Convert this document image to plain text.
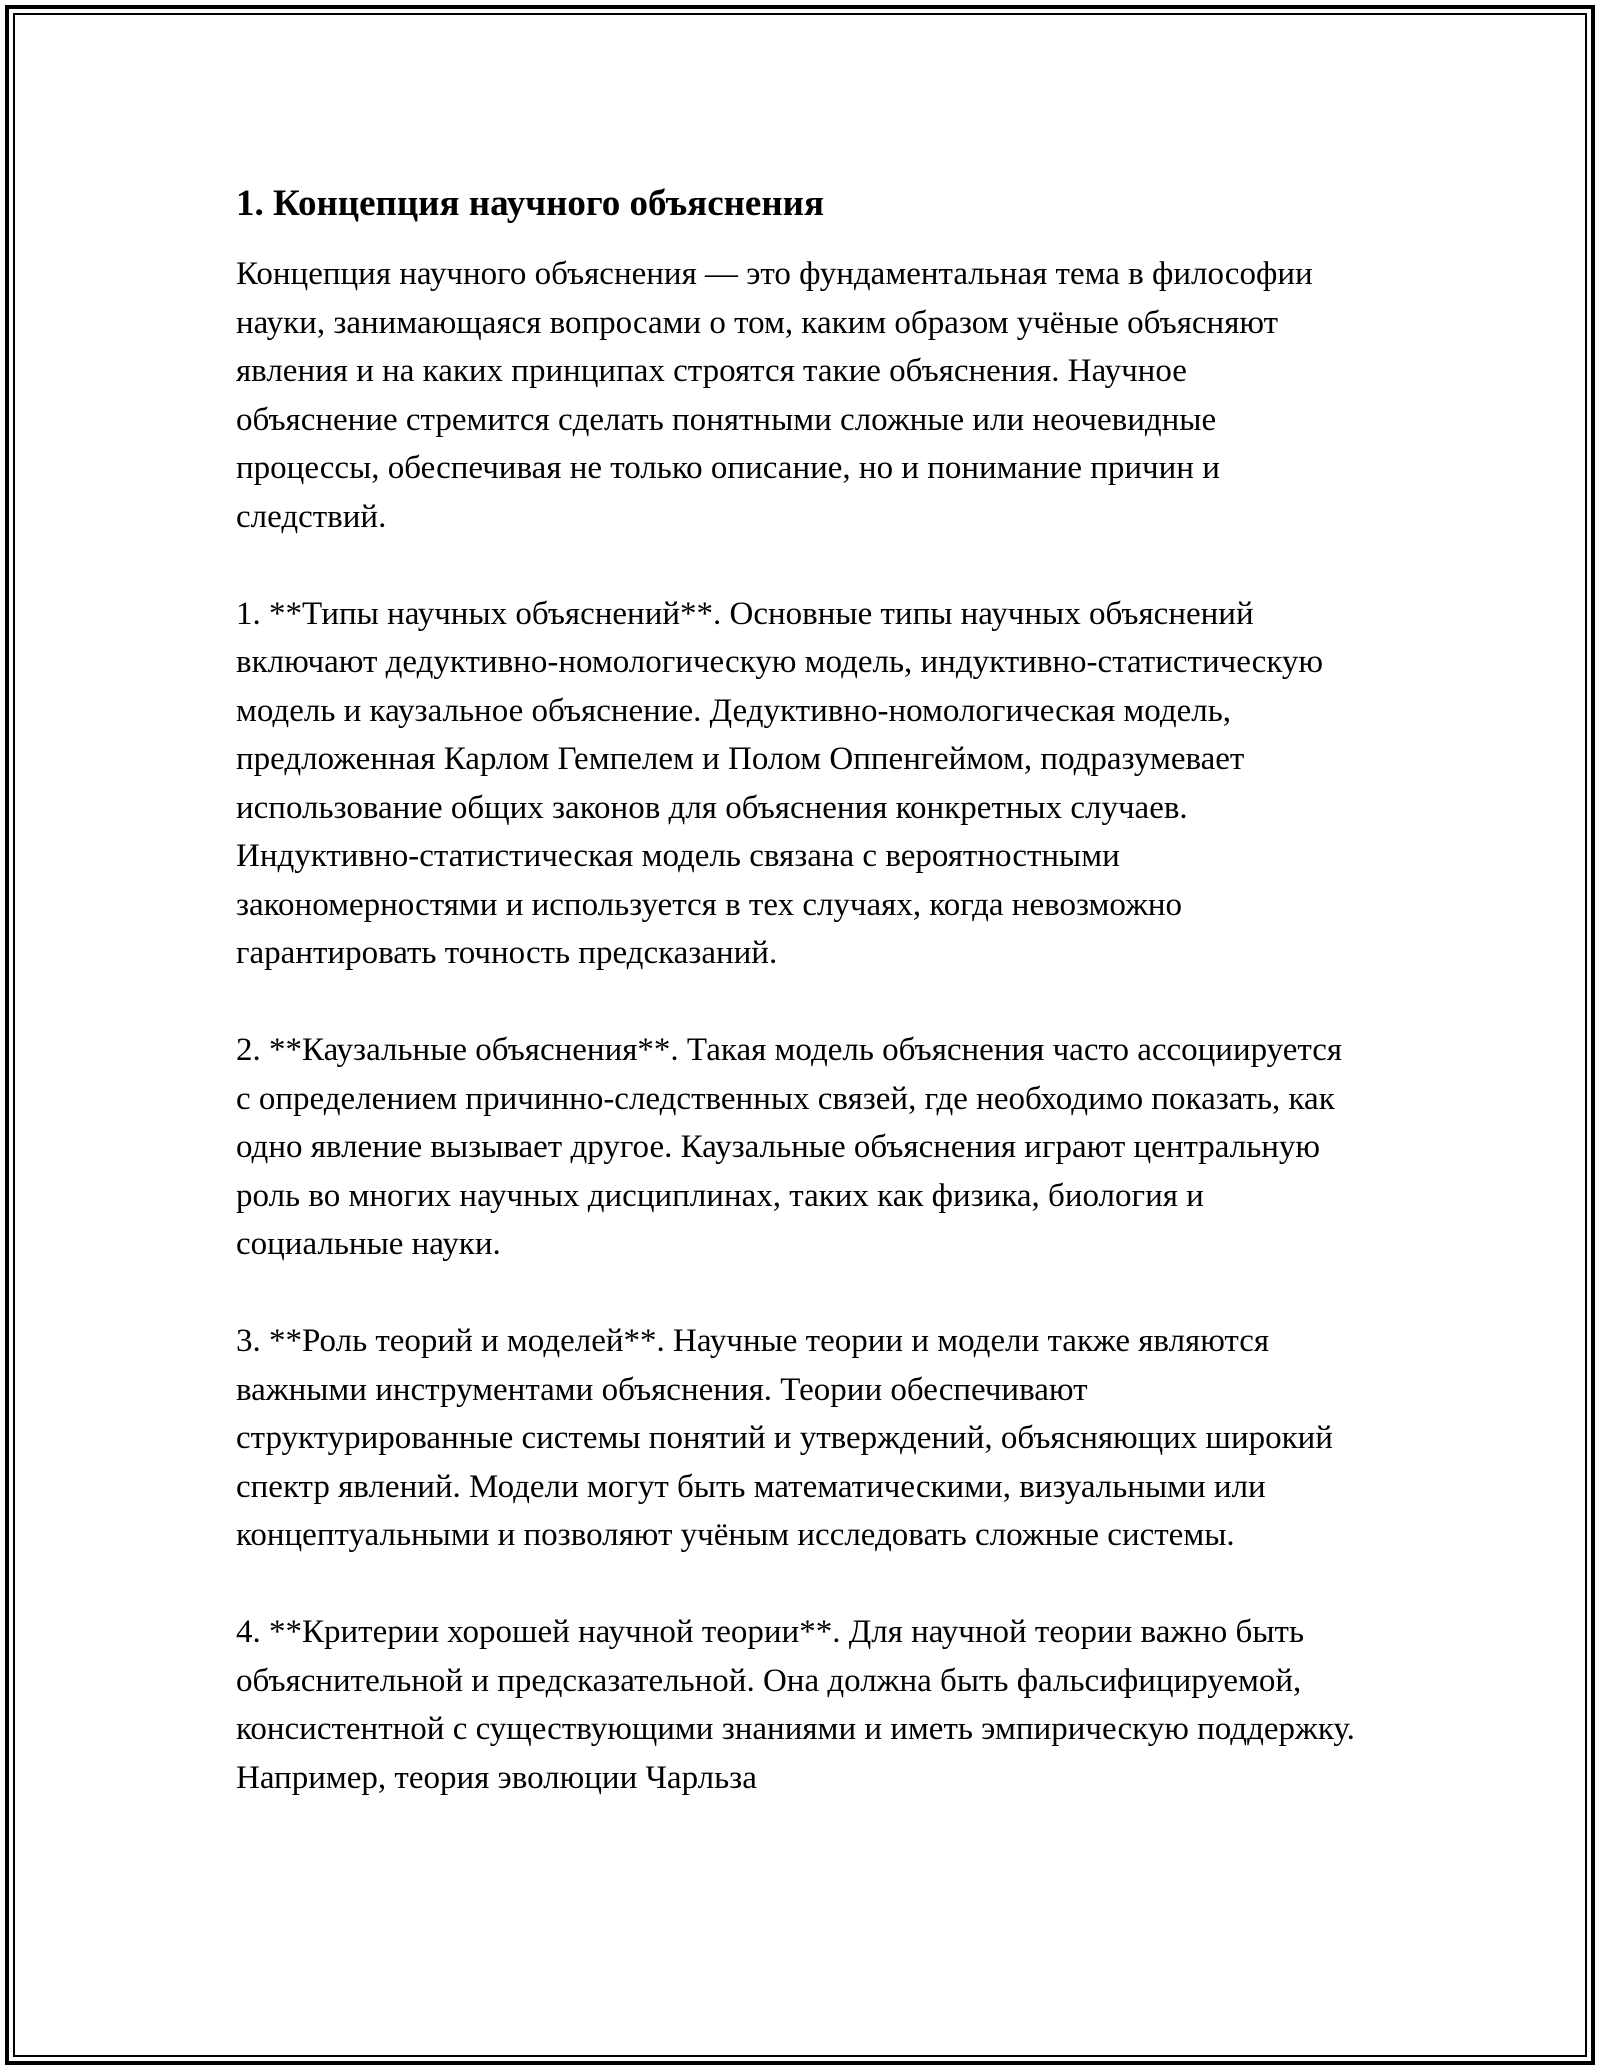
1. Концепция научного объяснения

Концепция научного объяснения — это фундаментальная тема в философии науки, занимающаяся вопросами о том, каким образом учёные объясняют явления и на каких принципах строятся такие объяснения. Научное объяснение стремится сделать понятными сложные или неочевидные процессы, обеспечивая не только описание, но и понимание причин и следствий.

1. **Типы научных объяснений**. Основные типы научных объяснений включают дедуктивно-номологическую модель, индуктивно-статистическую модель и каузальное объяснение. Дедуктивно-номологическая модель, предложенная Карлом Гемпелем и Полом Оппенгеймом, подразумевает использование общих законов для объяснения конкретных случаев. Индуктивно-статистическая модель связана с вероятностными закономерностями и используется в тех случаях, когда невозможно гарантировать точность предсказаний.

2. **Каузальные объяснения**. Такая модель объяснения часто ассоциируется с определением причинно-следственных связей, где необходимо показать, как одно явление вызывает другое. Каузальные объяснения играют центральную роль во многих научных дисциплинах, таких как физика, биология и социальные науки.

3. **Роль теорий и моделей**. Научные теории и модели также являются важными инструментами объяснения. Теории обеспечивают структурированные системы понятий и утверждений, объясняющих широкий спектр явлений. Модели могут быть математическими, визуальными или концептуальными и позволяют учёным исследовать сложные системы.

4. **Критерии хорошей научной теории**. Для научной теории важно быть объяснительной и предсказательной. Она должна быть фальсифицируемой, консистентной с существующими знаниями и иметь эмпирическую поддержку. Например, теория эволюции Чарльза
